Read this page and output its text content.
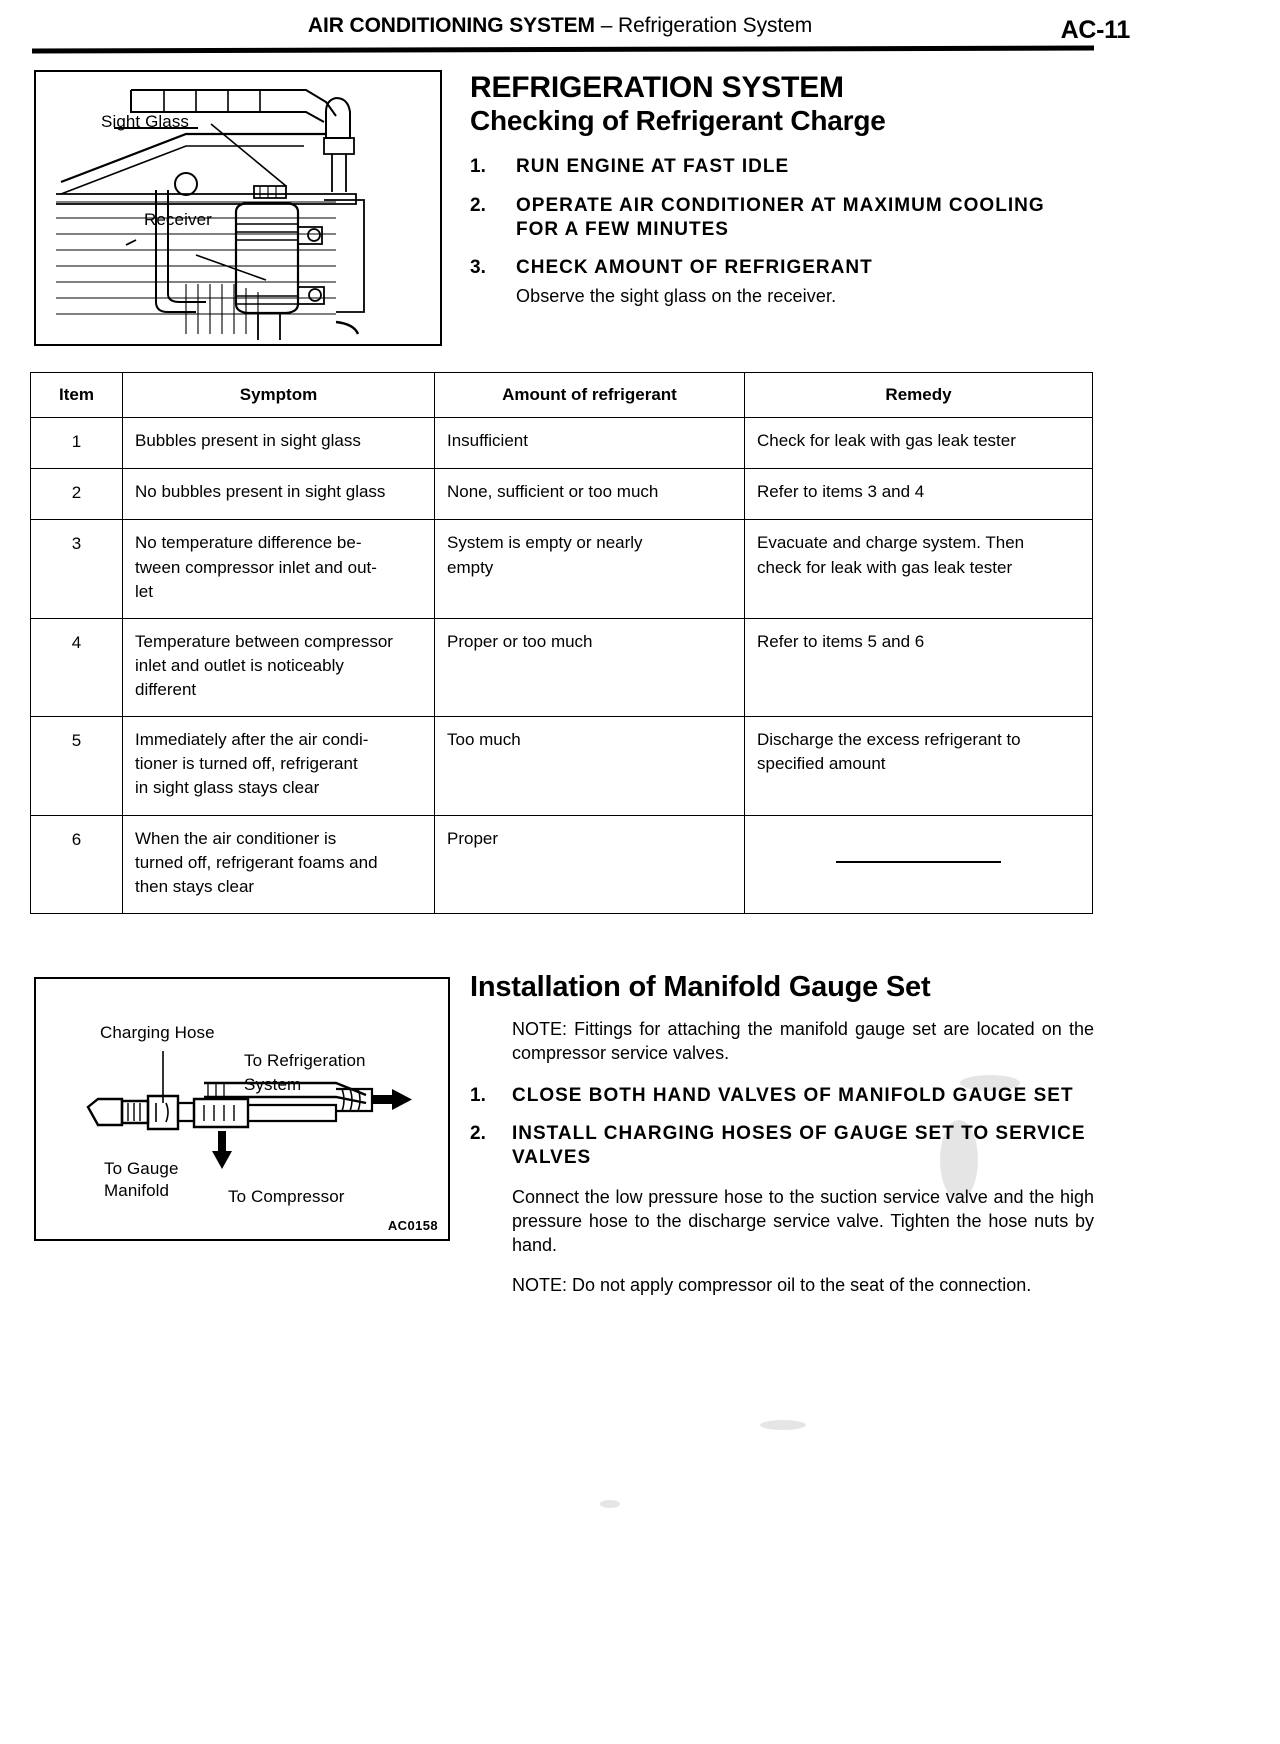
AIR CONDITIONING SYSTEM – Refrigeration System	AC-11
Sight Glass
Receiver
REFRIGERATION SYSTEM
Checking of Refrigerant Charge
1.	RUN ENGINE AT FAST IDLE
2.	OPERATE AIR CONDITIONER AT MAXIMUM COOLING FOR A FEW MINUTES
3.	CHECK AMOUNT OF REFRIGERANT
Observe the sight glass on the receiver.
Item	Symptom	Amount of refrigerant	Remedy
1	Bubbles present in sight glass	Insufficient	Check for leak with gas leak tester
2	No bubbles present in sight glass	None, sufficient or too much	Refer to items 3 and 4
3	No temperature difference be-
tween compressor inlet and out-
let	System is empty or nearly
empty	Evacuate and charge system. Then
check for leak with gas leak tester
4	Temperature between compressor
inlet and outlet is noticeably
different	Proper or too much	Refer to items 5 and 6
5	Immediately after the air condi-
tioner is turned off, refrigerant
in sight glass stays clear	Too much	Discharge the excess refrigerant to
specified amount
6	When the air conditioner is
turned off, refrigerant foams and
then stays clear	Proper	
Charging Hose
To Refrigeration
System
To Gauge
Manifold	To Compressor
AC0158
Installation of Manifold Gauge Set
NOTE: Fittings for attaching the manifold gauge set are located on the compressor service valves.
1.	CLOSE BOTH HAND VALVES OF MANIFOLD GAUGE SET
2.	INSTALL CHARGING HOSES OF GAUGE SET TO SERVICE VALVES
Connect the low pressure hose to the suction service valve and the high pressure hose to the discharge service valve. Tighten the hose nuts by hand.
NOTE: Do not apply compressor oil to the seat of the connection.
